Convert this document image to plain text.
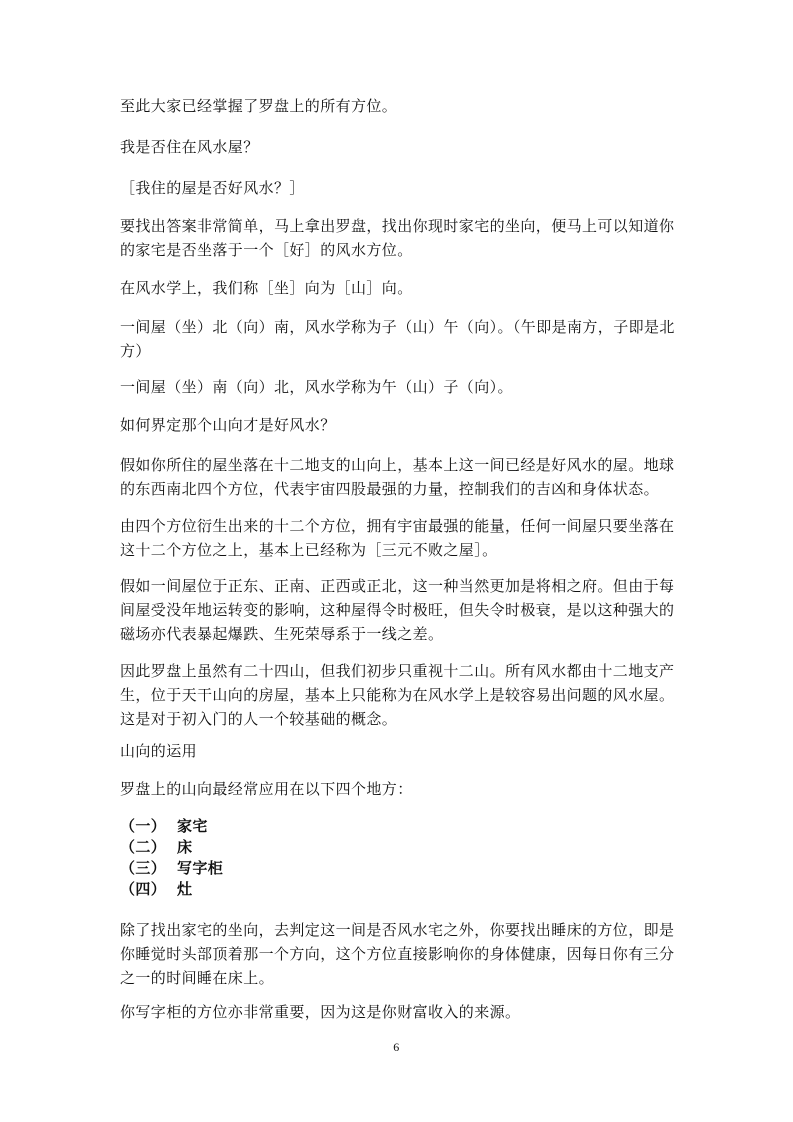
至此大家已经掌握了罗盘上的所有方位。

我是否住在风水屋？

［我住的屋是否好风水？］

要找出答案非常简单，马上拿出罗盘，找出你现时家宅的坐向，便马上可以知道你的家宅是否坐落于一个［好］的风水方位。

在风水学上，我们称［坐］向为［山］向。

一间屋（坐）北（向）南，风水学称为子（山）午（向）。（午即是南方，子即是北方）

一间屋（坐）南（向）北，风水学称为午（山）子（向）。

如何界定那个山向才是好风水？

假如你所住的屋坐落在十二地支的山向上，基本上这一间已经是好风水的屋。地球的东西南北四个方位，代表宇宙四股最强的力量，控制我们的吉凶和身体状态。

由四个方位衍生出来的十二个方位，拥有宇宙最强的能量，任何一间屋只要坐落在这十二个方位之上，基本上已经称为［三元不败之屋］。

假如一间屋位于正东、正南、正西或正北，这一种当然更加是将相之府。但由于每间屋受没年地运转变的影响，这种屋得令时极旺，但失令时极衰，是以这种强大的磁场亦代表暴起爆跌、生死荣辱系于一线之差。

因此罗盘上虽然有二十四山，但我们初步只重视十二山。所有风水都由十二地支产生，位于天干山向的房屋，基本上只能称为在风水学上是较容易出问题的风水屋。这是对于初入门的人一个较基础的概念。

山向的运用

罗盘上的山向最经常应用在以下四个地方：

（一） 家宅
（二） 床
（三） 写字柜
（四） 灶

除了找出家宅的坐向，去判定这一间是否风水宅之外，你要找出睡床的方位，即是你睡觉时头部顶着那一个方向，这个方位直接影响你的身体健康，因每日你有三分之一的时间睡在床上。

你写字柜的方位亦非常重要，因为这是你财富收入的来源。

6
